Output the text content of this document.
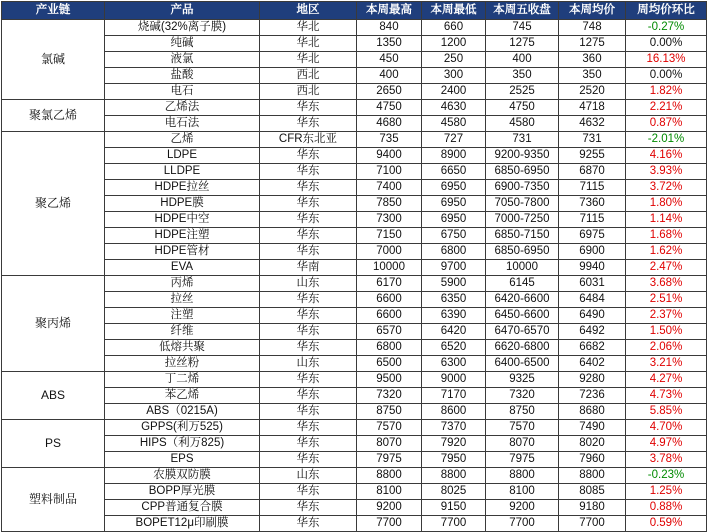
产业链	产品	地区	本周最高	本周最低	本周五收盘	本周均价	周均价环比
氯碱	烧碱(32%离子膜)	华北	840	660	745	748	-0.27%
	纯碱	华北	1350	1200	1275	1275	0.00%
	液氯	华北	450	250	400	360	16.13%
	盐酸	西北	400	300	350	350	0.00%
	电石	西北	2650	2400	2525	2520	1.82%
聚氯乙烯	乙烯法	华东	4750	4630	4750	4718	2.21%
	电石法	华东	4680	4580	4580	4632	0.87%
聚乙烯	乙烯	CFR东北亚	735	727	731	731	-2.01%
	LDPE	华东	9400	8900	9200-9350	9255	4.16%
	LLDPE	华东	7100	6650	6850-6950	6870	3.93%
	HDPE拉丝	华东	7400	6950	6900-7350	7115	3.72%
	HDPE膜	华东	7850	6950	7050-7800	7360	1.80%
	HDPE中空	华东	7300	6950	7000-7250	7115	1.14%
	HDPE注塑	华东	7150	6750	6850-7150	6975	1.68%
	HDPE管材	华东	7000	6800	6850-6950	6900	1.62%
	EVA	华南	10000	9700	10000	9940	2.47%
聚丙烯	丙烯	山东	6170	5900	6145	6031	3.68%
	拉丝	华东	6600	6350	6420-6600	6484	2.51%
	注塑	华东	6600	6390	6450-6600	6490	2.37%
	纤维	华东	6570	6420	6470-6570	6492	1.50%
	低熔共聚	华东	6800	6520	6620-6800	6682	2.06%
	拉丝粉	山东	6500	6300	6400-6500	6402	3.21%
ABS	丁二烯	华东	9500	9000	9325	9280	4.27%
	苯乙烯	华东	7320	7170	7320	7236	4.73%
	ABS（0215A)	华东	8750	8600	8750	8680	5.85%
PS	GPPS(利万525)	华东	7570	7370	7570	7490	4.70%
	HIPS（利万825)	华东	8070	7920	8070	8020	4.97%
	EPS	华东	7975	7950	7975	7960	3.78%
塑料制品	农膜双防膜	山东	8800	8800	8800	8800	-0.23%
	BOPP厚光膜	华东	8100	8025	8100	8085	1.25%
	CPP普通复合膜	华东	9200	9150	9200	9180	0.88%
	BOPET12μ印刷膜	华东	7700	7700	7700	7700	0.59%
